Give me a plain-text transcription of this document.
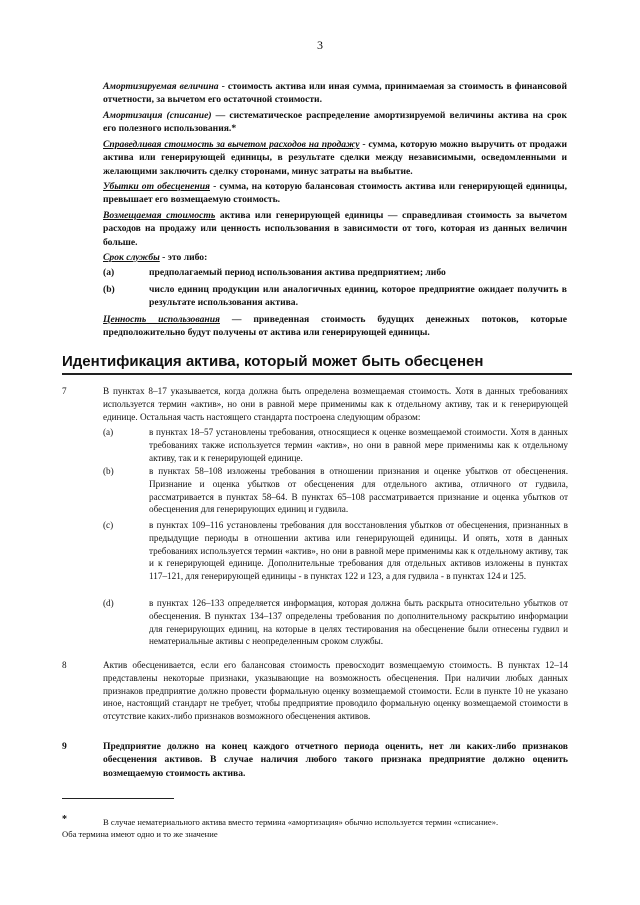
3
Амортизируемая величина - стоимость актива или иная сумма, принимаемая за стоимость в финансовой отчетности, за вычетом его остаточной стоимости.
Амортизация (списание) — систематическое распределение амортизируемой величины актива на срок его полезного использования.*
Справедливая стоимость за вычетом расходов на продажу - сумма, которую можно выручить от продажи актива или генерирующей единицы, в результате сделки между независимыми, осведомленными и желающими заключить сделку сторонами, минус затраты на выбытие.
Убытки от обесценения - сумма, на которую балансовая стоимость актива или генерирующей единицы, превышает его возмещаемую стоимость.
Возмещаемая стоимость актива или генерирующей единицы — справедливая стоимость за вычетом расходов на продажу или ценность использования в зависимости от того, которая из данных величин больше.
Срок службы - это либо:
(a)	предполагаемый период использования актива предприятием; либо
(b)	число единиц продукции или аналогичных единиц, которое предприятие ожидает получить в результате использования актива.
Ценность использования — приведенная стоимость будущих денежных потоков, которые предположительно будут получены от актива или генерирующей единицы.
Идентификация актива, который может быть обесценен
7	В пунктах 8–17 указывается, когда должна быть определена возмещаемая стоимость. Хотя в данных требованиях используется термин «актив», но они в равной мере применимы как к отдельному активу, так и к генерирующей единице. Остальная часть настоящего стандарта построена следующим образом:
(a)	в пунктах 18–57 установлены требования, относящиеся к оценке возмещаемой стоимости. Хотя в данных требованиях также используется термин «актив», но они в равной мере применимы как к отдельному активу, так и к генерирующей единице.
(b)	в пунктах 58–108 изложены требования в отношении признания и оценке убытков от обесценения. Признание и оценка убытков от обесценения для отдельного актива, отличного от гудвила, рассматривается в пунктах 58–64. В пунктах 65–108 рассматривается признание и оценка убытков от обесценения для генерирующих единиц и гудвила.
(c)	в пунктах 109–116 установлены требования для восстановления убытков от обесценения, признанных в предыдущие периоды в отношении актива или генерирующей единицы. И опять, хотя в данных требованиях используется термин «актив», но они в равной мере применимы как к отдельному активу, так и к генерирующей единице. Дополнительные требования для отдельных активов изложены в пунктах 117–121, для генерирующей единицы - в пунктах 122 и 123, а для гудвила - в пунктах 124 и 125.
(d)	в пунктах 126–133 определяется информация, которая должна быть раскрыта относительно убытков от обесценения. В пунктах 134–137 определены требования по дополнительному раскрытию информации для генерирующих единиц, на которые в целях тестирования на обесценение были отнесены гудвил и нематериальные активы с неопределенным сроком службы.
8	Актив обесценивается, если его балансовая стоимость превосходит возмещаемую стоимость. В пунктах 12–14 представлены некоторые признаки, указывающие на возможность обесценения. При наличии любых данных признаков предприятие должно провести формальную оценку возмещаемой стоимости. Если в пункте 10 не указано иное, настоящий стандарт не требует, чтобы предприятие проводило формальную оценку возмещаемой стоимости в отсутствие каких-либо признаков возможного обесценения активов.
9	Предприятие должно на конец каждого отчетного периода оценить, нет ли каких-либо признаков обесценения активов. В случае наличия любого такого признака предприятие должно оценить возмещаемую стоимость актива.
*	В случае нематериального актива вместо термина «амортизация» обычно используется термин «списание».
Оба термина имеют одно и то же значение
